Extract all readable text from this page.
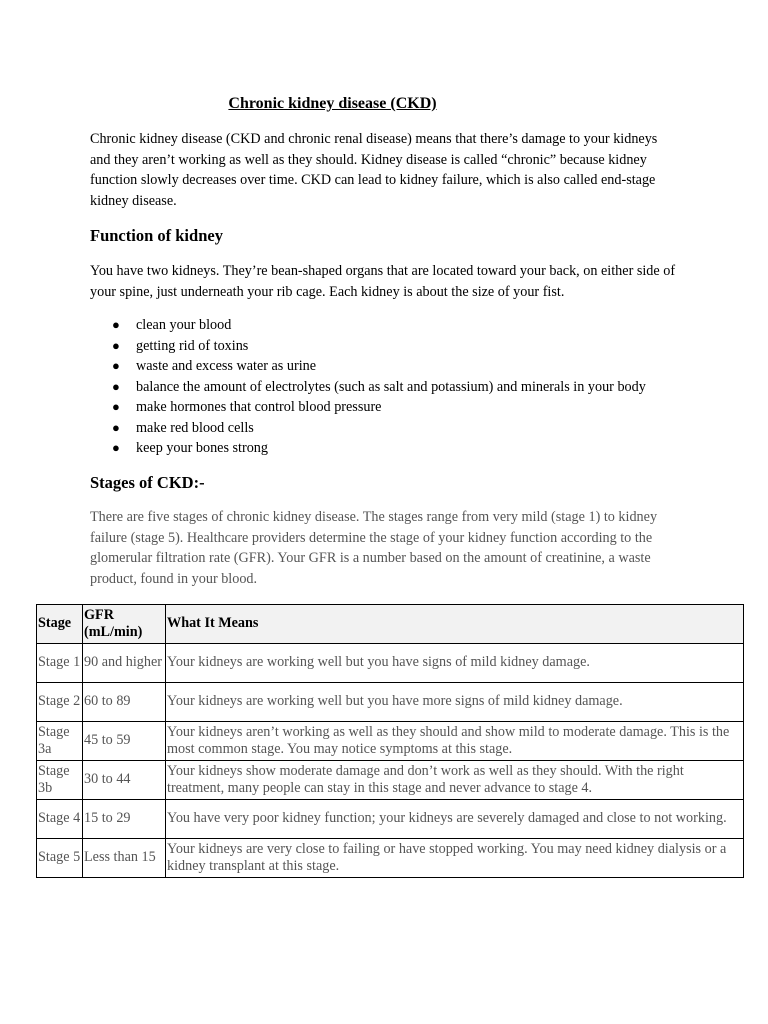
Chronic kidney disease (CKD)

Chronic kidney disease (CKD and chronic renal disease) means that there’s damage to your kidneys and they aren’t working as well as they should. Kidney disease is called “chronic” because kidney function slowly decreases over time. CKD can lead to kidney failure, which is also called end-stage kidney disease.

Function of kidney

You have two kidneys. They’re bean-shaped organs that are located toward your back, on either side of your spine, just underneath your rib cage. Each kidney is about the size of your fist.

● clean your blood
● getting rid of toxins
● waste and excess water as urine
● balance the amount of electrolytes (such as salt and potassium) and minerals in your body
● make hormones that control blood pressure
● make red blood cells
● keep your bones strong
Stages of CKD:-

There are five stages of chronic kidney disease. The stages range from very mild (stage 1) to kidney failure (stage 5). Healthcare providers determine the stage of your kidney function according to the glomerular filtration rate (GFR). Your GFR is a number based on the amount of creatinine, a waste product, found in your blood.

Stage	GFR (mL/min)	What It Means
Stage 1	90 and higher	Your kidneys are working well but you have signs of mild kidney damage.
Stage 2	60 to 89	Your kidneys are working well but you have more signs of mild kidney damage.
Stage 3a	45 to 59	Your kidneys aren’t working as well as they should and show mild to moderate damage. This is the most common stage. You may notice symptoms at this stage.
Stage 3b	30 to 44	Your kidneys show moderate damage and don’t work as well as they should. With the right treatment, many people can stay in this stage and never advance to stage 4.
Stage 4	15 to 29	You have very poor kidney function; your kidneys are severely damaged and close to not working.
Stage 5	Less than 15	Your kidneys are very close to failing or have stopped working. You may need kidney dialysis or a kidney transplant at this stage.
